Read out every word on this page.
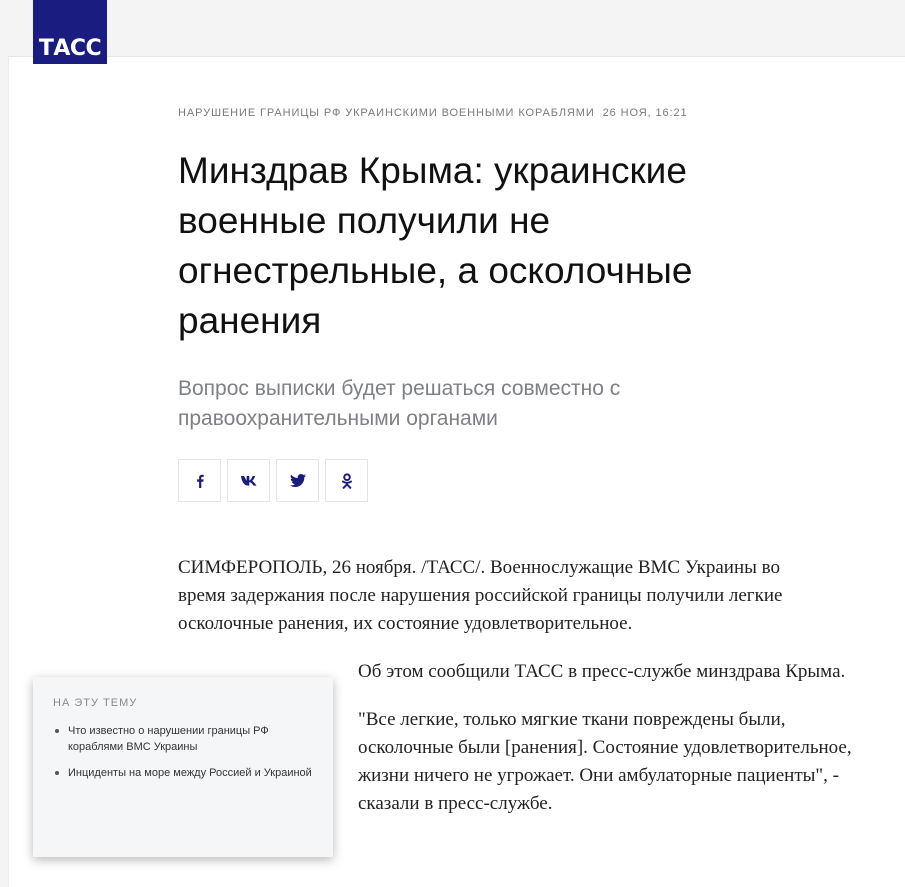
ТАСС
НАРУШЕНИЕ ГРАНИЦЫ РФ УКРАИНСКИМИ ВОЕННЫМИ КОРАБЛЯМИ 26 НОЯ, 16:21
Минздрав Крыма: украинские военные получили не огнестрельные, а осколочные ранения

Вопрос выписки будет решаться совместно с правоохранительными органами

СИМФЕРОПОЛЬ, 26 ноября. /ТАСС/. Военнослужащие ВМС Украины во время задержания после нарушения российской границы получили легкие осколочные ранения, их состояние удовлетворительное.

Об этом сообщили ТАСС в пресс-службе минздрава Крыма.

"Все легкие, только мягкие ткани повреждены были, осколочные были [ранения]. Состояние удовлетворительное, жизни ничего не угрожает. Они амбулаторные пациенты", - сказали в пресс-службе.

НА ЭТУ ТЕМУ
Что известно о нарушении границы РФ кораблями ВМС Украины
Инциденты на море между Россией и Украиной
